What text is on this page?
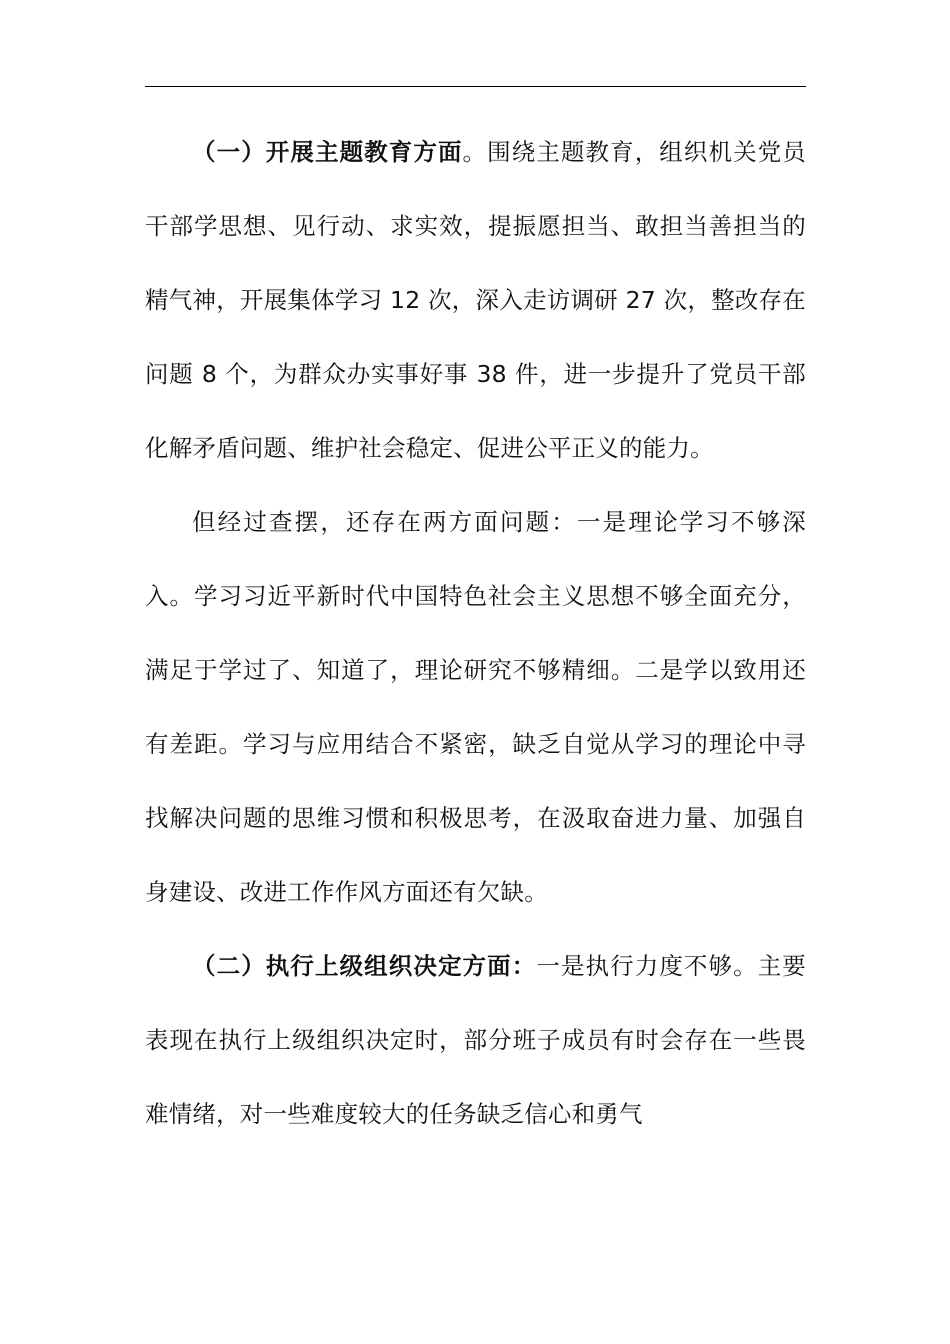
（一）开展主题教育方面。围绕主题教育，组织机关党员干部学思想、见行动、求实效，提振愿担当、敢担当善担当的精气神，开展集体学习 12 次，深入走访调研 27 次，整改存在问题 8 个，为群众办实事好事 38 件，进一步提升了党员干部化解矛盾问题、维护社会稳定、促进公平正义的能力。

但经过查摆，还存在两方面问题：一是理论学习不够深入。学习习近平新时代中国特色社会主义思想不够全面充分，满足于学过了、知道了，理论研究不够精细。二是学以致用还有差距。学习与应用结合不紧密，缺乏自觉从学习的理论中寻找解决问题的思维习惯和积极思考，在汲取奋进力量、加强自身建设、改进工作作风方面还有欠缺。

（二）执行上级组织决定方面：一是执行力度不够。主要表现在执行上级组织决定时，部分班子成员有时会存在一些畏难情绪，对一些难度较大的任务缺乏信心和勇气
